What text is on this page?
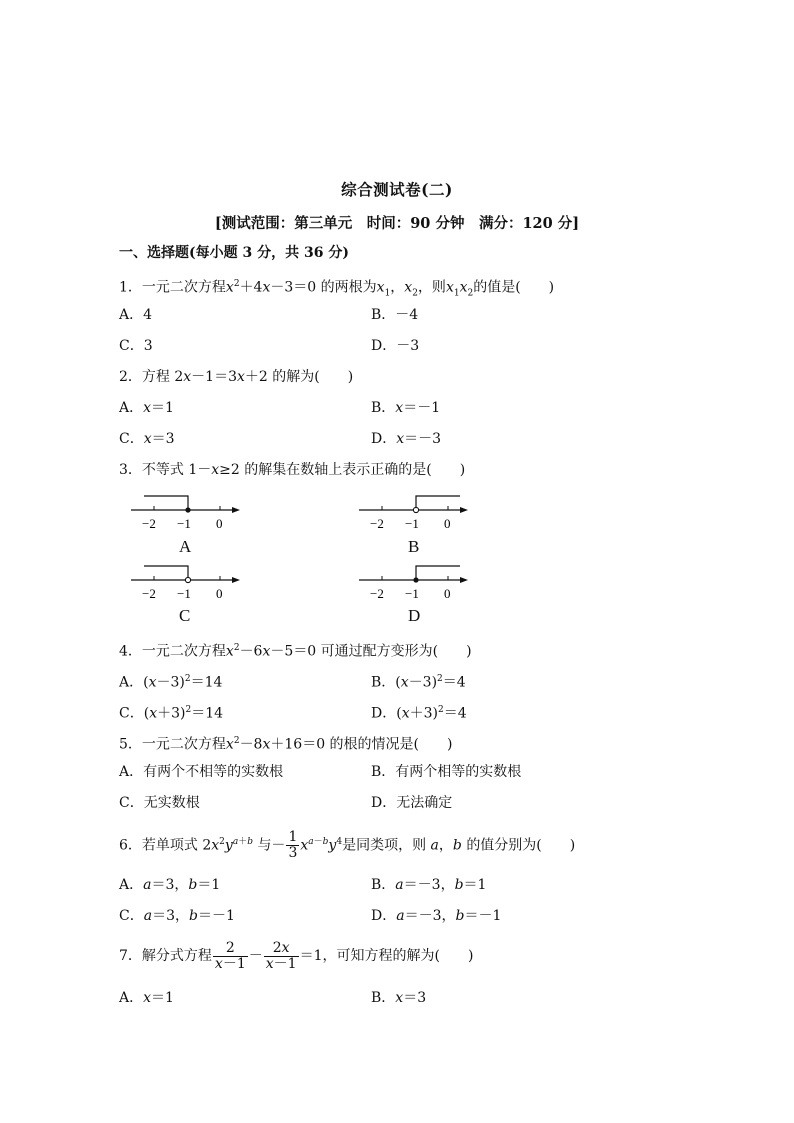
综合测试卷(二)
[测试范围：第三单元　时间：90 分钟　满分：120 分]
一、选择题(每小题 3 分，共 36 分)
1．一元二次方程$x^2+4x-3=0$ 的两根为$x_1$，$x_2$，则$x_1x_2$的值是(　　)
A．4	B．－4
C．3	D．－3
2．方程 2x－1＝3x＋2 的解为(　　)
A．x＝1	B．x＝－1
C．x＝3	D．x＝－3
3．不等式 1－x≥2 的解集在数轴上表示正确的是(　　)
−2 −1 0
A
−2 −1 0
B
−2 −1 0
C
−2 −1 0
D
4．一元二次方程$x^2-6x-5=0$ 可通过配方变形为(　　)
A．$(x-3)^2=14$	B．$(x-3)^2=4$
C．$(x+3)^2=14$	D．$(x+3)^2=4$
5．一元二次方程$x^2-8x+16=0$ 的根的情况是(　　)
A．有两个不相等的实数根	B．有两个相等的实数根
C．无实数根	D．无法确定
6．若单项式 $2x^2y^{a+b}$ 与－ $\frac{1}{3} x^{a-b}y^4$是同类项，则 a，b 的值分别为(　　)
A．a＝3，b＝1	B．a＝－3，b＝1
C．a＝3，b＝－1	D．a＝－3，b＝－1
7．解分式方程 $\frac{2}{x-1} - \frac{2x}{x-1} =1$，可知方程的解为(　　)
A．x＝1	B．x＝3
